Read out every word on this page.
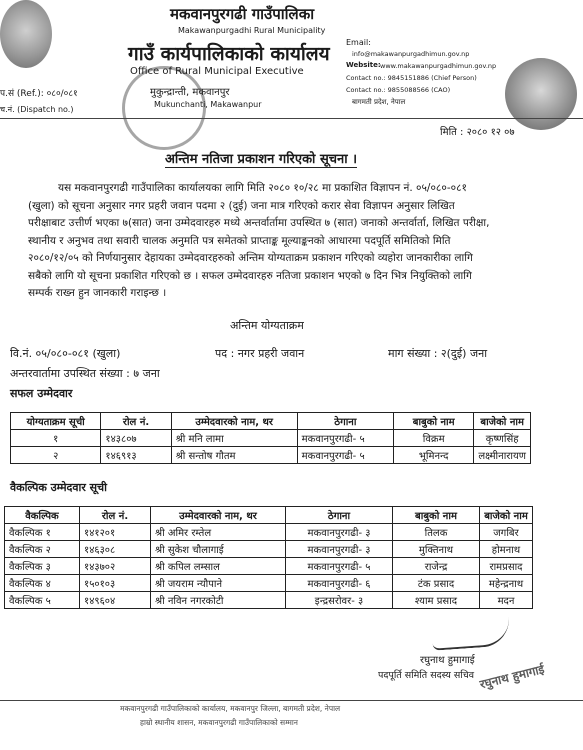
मकवानपुरगढी गाउँपालिका
Makawanpurgadhi Rural Municipality
गाउँ कार्यपालिकाको कार्यालय
Office of Rural Municipal Executive
मुकुन्द्रान्ती, मकवानपुर
Mukunchanti, Makawanpur
Email:
info@makawanpurgadhimun.gov.np
Website: www.makawanpurgadhimun.gov.np
Contact no.: 9845151886 (Chief Person)
Contact no.: 9855088566 (CAO)
बागमती प्रदेश, नेपाल
प.सं (Ref.): ०८०/०८१
च.नं. (Dispatch no.)
मिति : २०८० १२ ०७
अन्तिम नतिजा प्रकाशन गरिएको सूचना ।
यस मकवानपुरगढी गाउँपालिका कार्यालयका लागि मिति २०८० १०/२८ मा प्रकाशित विज्ञापन नं. ०५/०८०-०८१
(खुला) को सूचना अनुसार नगर प्रहरी जवान पदमा २ (दुई) जना मात्र गरिएको करार सेवा विज्ञापन अनुसार लिखित
परीक्षाबाट उत्तीर्ण भएका ७(सात) जना उम्मेदवारहरु मध्ये अन्तर्वार्तामा उपस्थित ७ (सात) जनाको अन्तर्वार्ता, लिखित परीक्षा,
स्थानीय र अनुभव तथा सवारी चालक अनुमति पत्र समेतको प्राप्ताङ्क मूल्याङ्कनको आधारमा पदपूर्ति समितिको मिति
२०८०/१२/०५ को निर्णयानुसार देहायका उम्मेदवारहरुको अन्तिम योग्यताक्रम प्रकाशन गरिएको व्यहोरा जानकारीका लागि
सबैको लागि यो सूचना प्रकाशित गरिएको छ । सफल उम्मेदवारहरु नतिजा प्रकाशन भएको ७ दिन भित्र नियुक्तिको लागि
सम्पर्क राख्न हुन जानकारी गराइन्छ ।
अन्तिम योग्यताक्रम
वि.नं. ०५/०८०-०८१ (खुला)	पद : नगर प्रहरी जवान	माग संख्या : २(दुई) जना
अन्तरवार्तामा उपस्थित संख्या : ७ जना
सफल उम्मेदवार
योग्यताक्रम सूची	रोल नं.	उम्मेदवारको नाम, थर	ठेगाना	बाबुको नाम	बाजेको नाम
१	१४३८०७	श्री मनि लामा	मकवानपुरगढी- ५	विक्रम	कृष्णसिंह
२	१४६९१३	श्री सन्तोष गौतम	मकवानपुरगढी- ५	भूमिनन्द	लक्ष्मीनारायण
वैकल्पिक उम्मेदवार सूची
वैकल्पिक	रोल नं.	उम्मेदवारको नाम, थर	ठेगाना	बाबुको नाम	बाजेको नाम
वैकल्पिक १	१४१२०१	श्री अमिर रम्तेल	मकवानपुरगढी- ३	तिलक	जगबिर
वैकल्पिक २	१४६३०८	श्री सुकेश चौलागाई	मकवानपुरगढी- ३	मुक्तिनाथ	होमनाथ
वैकल्पिक ३	१४३७०२	श्री कपिल लम्साल	मकवानपुरगढी- ५	राजेन्द्र	रामप्रसाद
वैकल्पिक ४	१५०१०३	श्री जयराम न्यौपाने	मकवानपुरगढी- ६	टंक प्रसाद	महेन्द्रनाथ
वैकल्पिक ५	१४९६०४	श्री नविन नगरकोटी	इन्द्रसरोवर- ३	श्याम प्रसाद	मदन
रघुनाथ हुमागाई
पदपूर्ति समिति सदस्य सचिव रघुनाथ हुमागाई
मकवानपुरगढी गाउँपालिकाको कार्यालय, मकवानपुर जिल्ला, बागमती प्रदेश, नेपाल
हाम्रो स्थानीय शासन, मकवानपुरगढी गाउँपालिकाको सम्मान
